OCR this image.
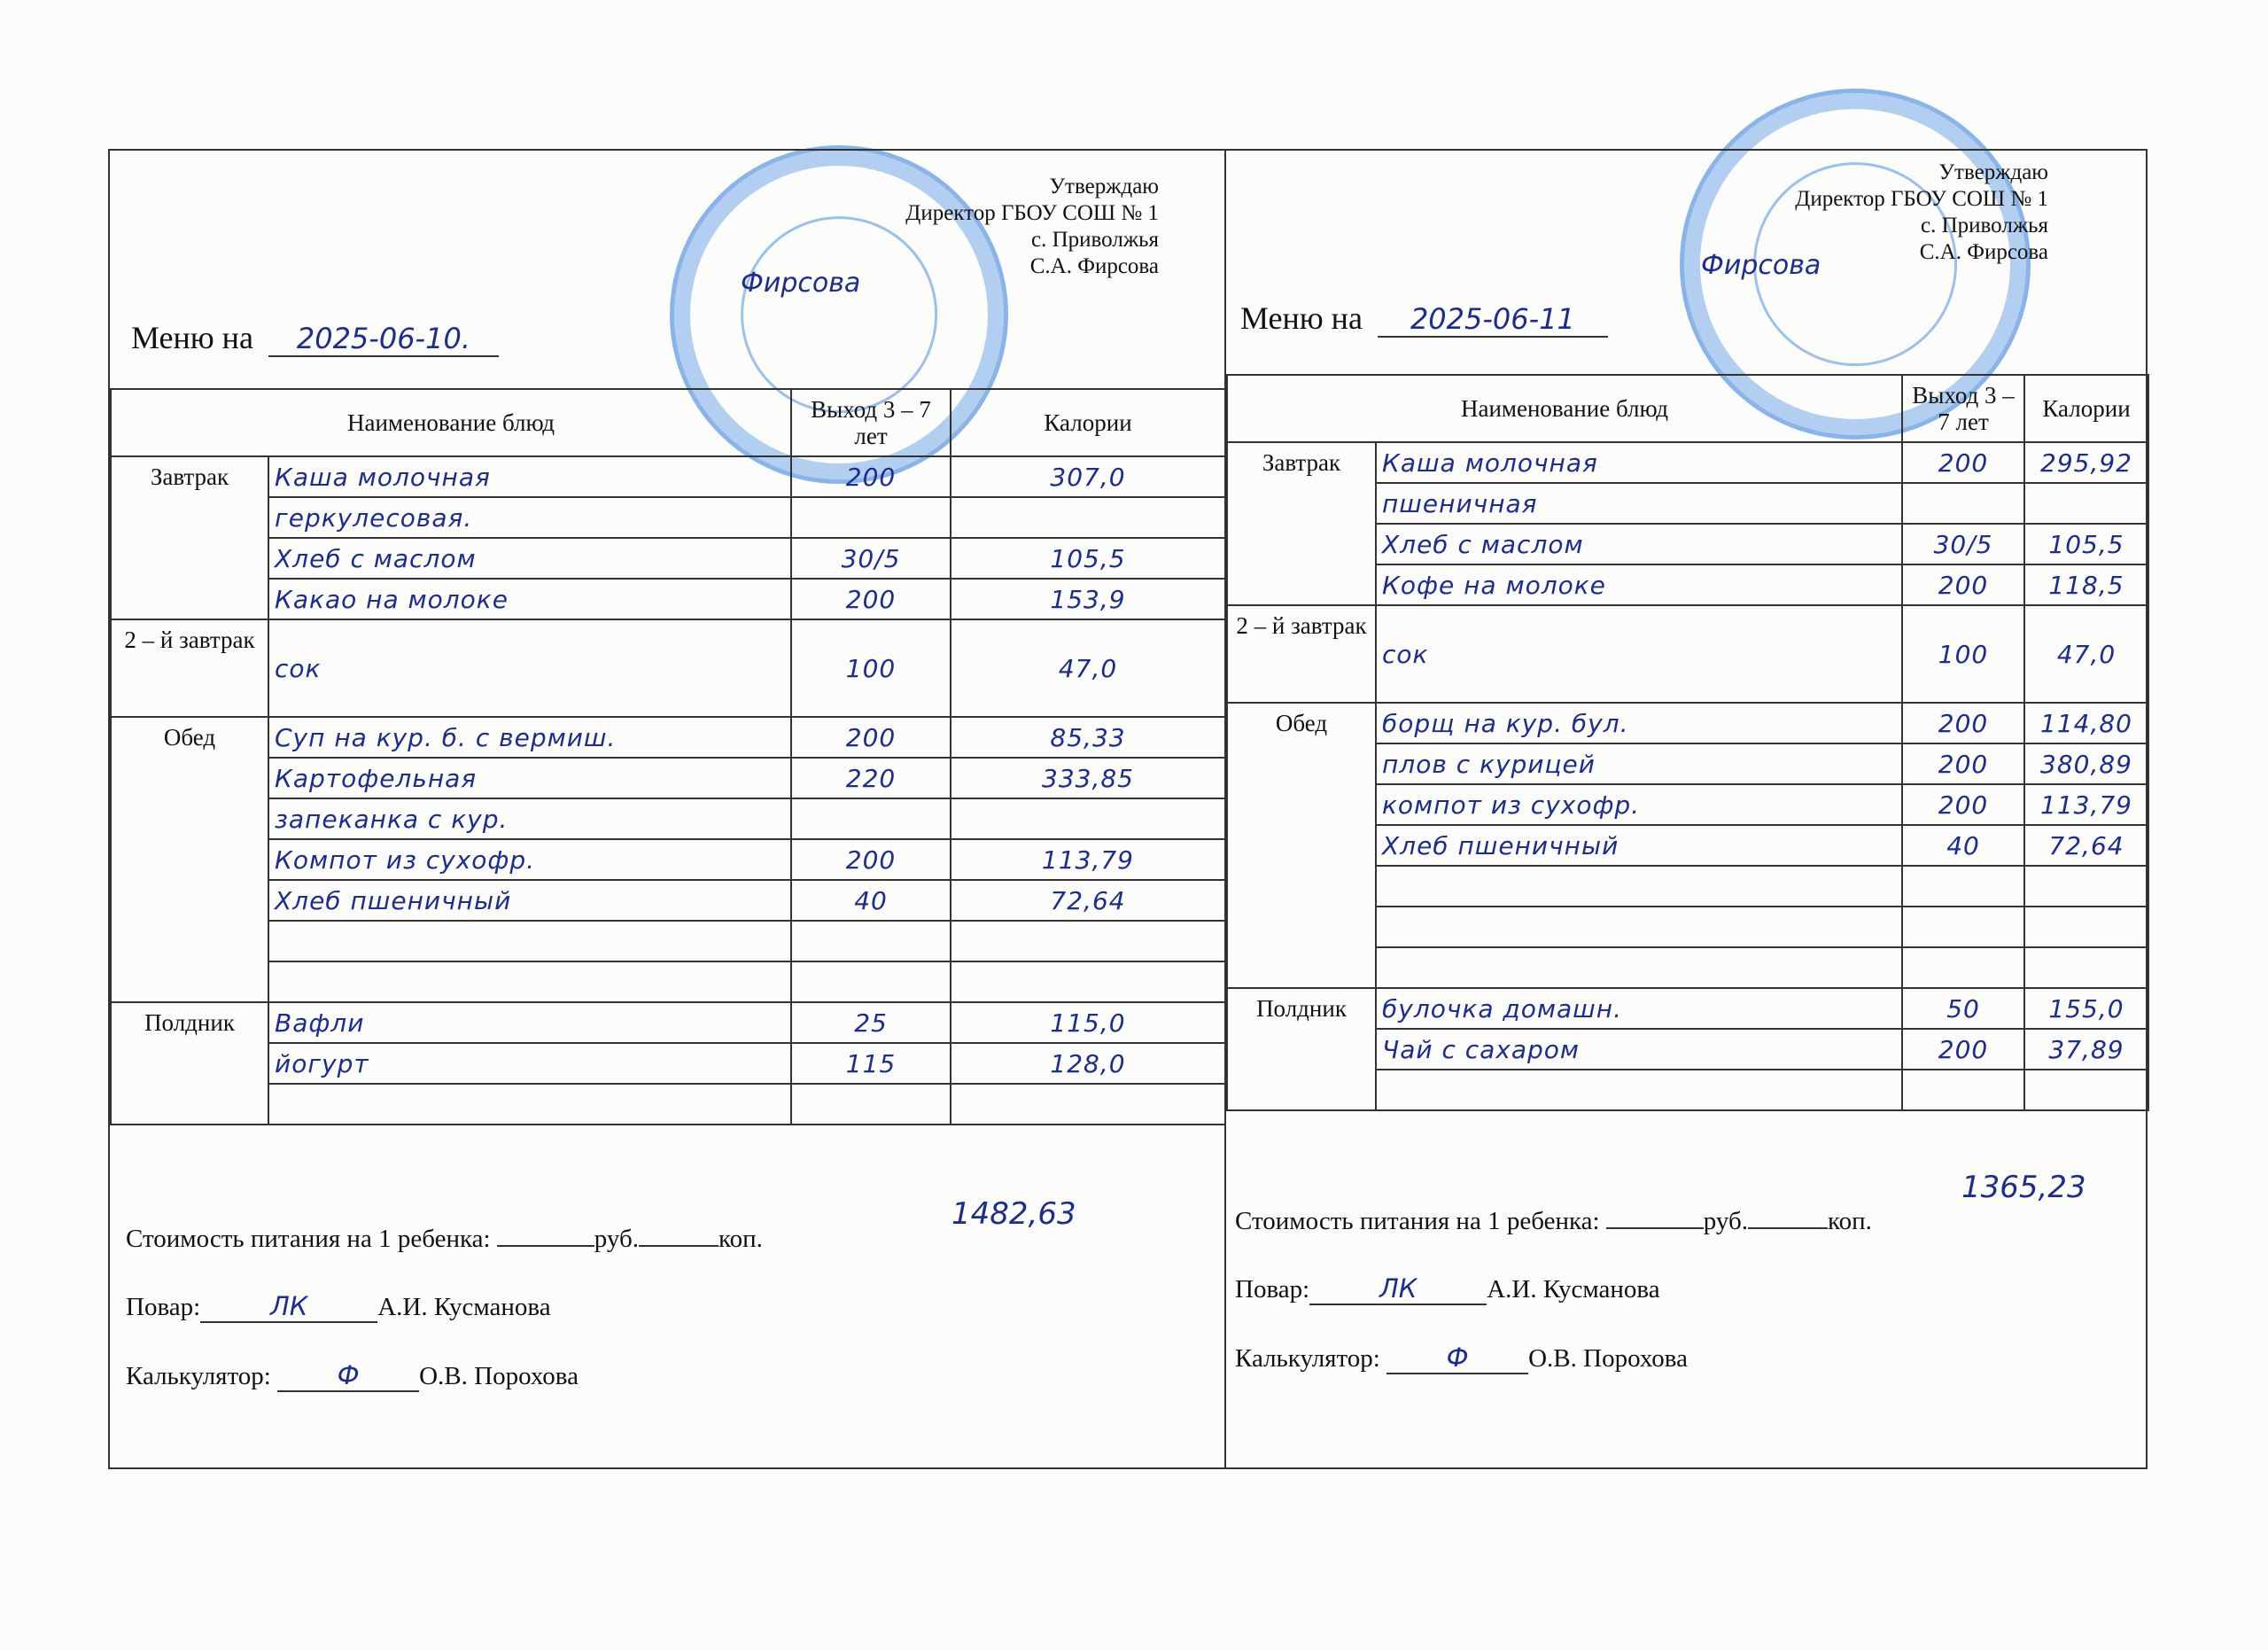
Утверждаю
Директор ГБОУ СОШ № 1
с. Приволжья
С.А. Фирсова
Меню на 2025-06-10.
Наименование блюд		Выход 3 – 7 лет	Калории
Завтрак	Каша молочная	200	307,0
	геркулесовая.		
	Хлеб с маслом	30/5	105,5
	Какао на молоке	200	153,9
2 – й завтрак	сок	100	47,0
Обед	Суп на кур. б. с вермиш.	200	85,33
	Картофельная	220	333,85
	запеканка с кур.		
	Компот из сухофр.	200	113,79
	Хлеб пшеничный	40	72,64

Полдник	Вафли	25	115,0
	йогурт	115	128,0

1482,63
Стоимость питания на 1 ребенка:	руб.	коп.
Повар:	ЛК	А.И. Кусманова
Калькулятор:	Ф О.В. Порохова
Утверждаю
Директор ГБОУ СОШ № 1
с. Приволжья
С.А. Фирсова
Меню на 2025-06-11
Наименование блюд		Выход 3 – 7 лет	Калории
Завтрак	Каша молочная	200	295,92
	пшеничная		
	Хлеб с маслом	30/5	105,5
	Кофе на молоке	200	118,5
2 – й завтрак	сок	100	47,0
Обед	борщ на кур. бул.	200	114,80
	плов с курицей	200	380,89
	компот из сухофр.	200	113,79
	Хлеб пшеничный	40	72,64

Полдник	булочка домашн.	50	155,0
	Чай с сахаром	200	37,89

1365,23
Стоимость питания на 1 ребенка:	руб.	коп.
Повар:	ЛК	А.И. Кусманова
Калькулятор:	Ф О.В. Порохова
Фирсова
Фирсова
